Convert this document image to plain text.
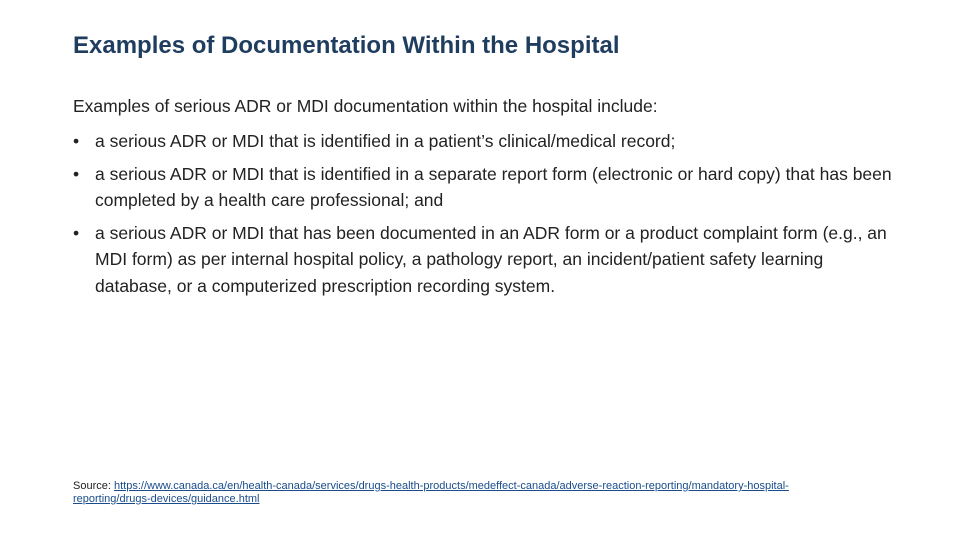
Examples of Documentation Within the Hospital
Examples of serious ADR or MDI documentation within the hospital include:
• a serious ADR or MDI that is identified in a patient’s clinical/medical record;
• a serious ADR or MDI that is identified in a separate report form (electronic or hard copy) that has been completed by a health care professional; and
• a serious ADR or MDI that has been documented in an ADR form or a product complaint form (e.g., an MDI form) as per internal hospital policy, a pathology report, an incident/patient safety learning database, or a computerized prescription recording system.
Source: https://www.canada.ca/en/health-canada/services/drugs-health-products/medeffect-canada/adverse-reaction-reporting/mandatory-hospital-reporting/drugs-devices/guidance.html
